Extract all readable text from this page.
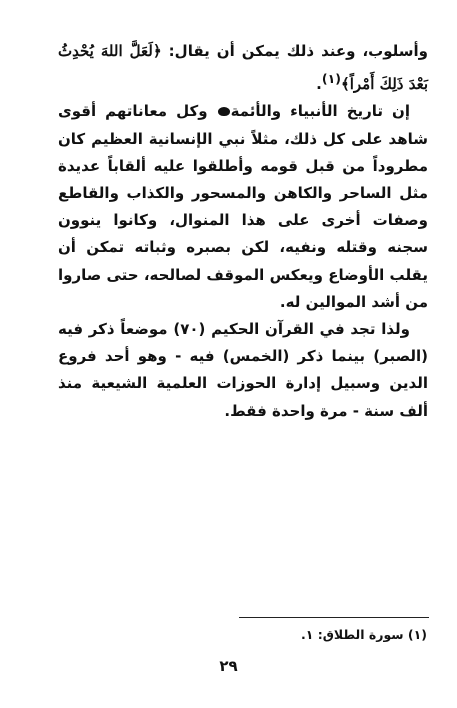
وأسلوب، وعند ذلك يمكن أن يقال: ﴿لَعَلَّ اللهَ يُحْدِثُ بَعْدَ ذَلِكَ أَمْراً﴾$^{(١)}$.

إن تاريخ الأنبياء والأئمة وكل معاناتهم أقوى شاهد على كل ذلك، مثلاً نبي الإنسانية العظيم كان مطروداً من قبل قومه وأطلقوا عليه ألقاباً عديدة مثل الساحر والكاهن والمسحور والكذاب والقاطع وصفات أخرى على هذا المنوال، وكانوا ينوون سجنه وقتله ونفيه، لكن بصبره وثباته تمكن أن يقلب الأوضاع ويعكس الموقف لصالحه، حتى صاروا من أشد الموالين له.

ولذا تجد في القرآن الحكيم (٧٠) موضعاً ذكر فيه (الصبر) بينما ذكر (الخمس) فيه - وهو أحد فروع الدين وسبيل إدارة الحوزات العلمية الشيعية منذ ألف سنة - مرة واحدة فقط.

(١) سورة الطلاق: ١.
٢٩
